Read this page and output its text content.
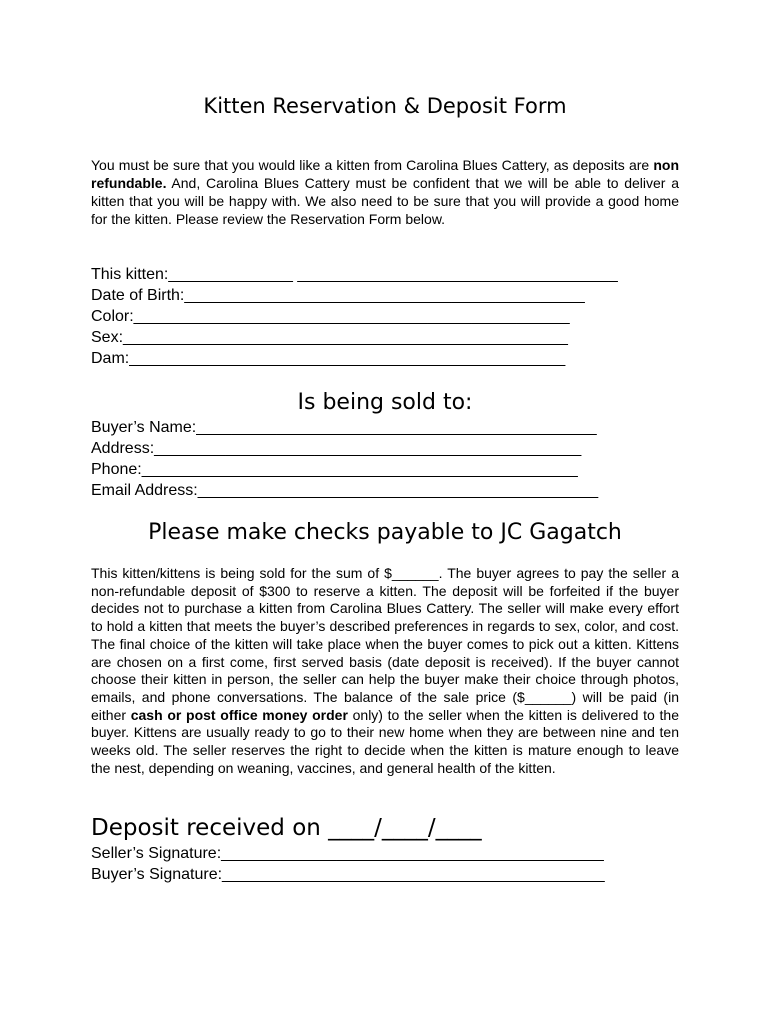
Kitten Reservation & Deposit Form

You must be sure that you would like a kitten from Carolina Blues Cattery, as deposits are non refundable. And, Carolina Blues Cattery must be confident that we will be able to deliver a kitten that you will be happy with. We also need to be sure that you will provide a good home for the kitten. Please review the Reservation Form below.

This kitten:______________ ____________________________________
Date of Birth:_____________________________________________
Color:_________________________________________________
Sex:__________________________________________________
Dam:_________________________________________________
Is being sold to:
Buyer’s Name:_____________________________________________
Address:________________________________________________
Phone:_________________________________________________
Email Address:_____________________________________________
Please make checks payable to JC Gagatch

This kitten/kittens is being sold for the sum of $______. The buyer agrees to pay the seller a non-refundable deposit of $300 to reserve a kitten. The deposit will be forfeited if the buyer decides not to purchase a kitten from Carolina Blues Cattery. The seller will make every effort to hold a kitten that meets the buyer’s described preferences in regards to sex, color, and cost. The final choice of the kitten will take place when the buyer comes to pick out a kitten. Kittens are chosen on a first come, first served basis (date deposit is received). If the buyer cannot choose their kitten in person, the seller can help the buyer make their choice through photos, emails, and phone conversations. The balance of the sale price ($______) will be paid (in either cash or post office money order only) to the seller when the kitten is delivered to the buyer. Kittens are usually ready to go to their new home when they are between nine and ten weeks old. The seller reserves the right to decide when the kitten is mature enough to leave the nest, depending on weaning, vaccines, and general health of the kitten.

Deposit received on ____/____/____
Seller’s Signature:___________________________________________
Buyer’s Signature:___________________________________________
